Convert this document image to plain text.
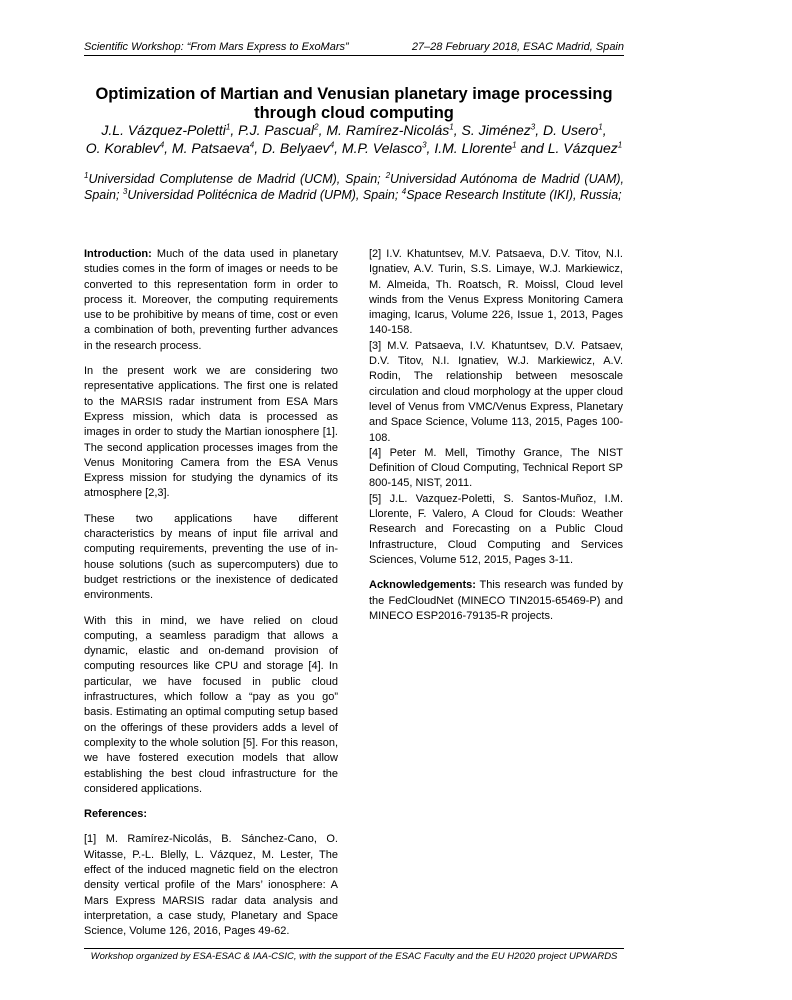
Scientific Workshop: “From Mars Express to ExoMars”	27–28 February 2018, ESAC Madrid, Spain
Optimization of Martian and Venusian planetary image processing
through cloud computing
J.L. Vázquez-Poletti$^1$, P.J. Pascual$^2$, M. Ramírez-Nicolás$^1$, S. Jiménez$^3$, D. Usero$^1$,
O. Korablev$^4$, M. Patsaeva$^4$, D. Belyaev$^4$, M.P. Velasco$^3$, I.M. Llorente$^1$ and L. Vázquez$^1$
$^1$Universidad Complutense de Madrid (UCM), Spain; $^2$Universidad Autónoma de Madrid (UAM), Spain; $^3$Universidad Politécnica de Madrid (UPM), Spain; $^4$Space Research Institute (IKI), Russia;

Introduction: Much of the data used in planetary studies comes in the form of images or needs to be converted to this representation form in order to process it. Moreover, the computing requirements use to be prohibitive by means of time, cost or even a combination of both, preventing further advances in the research process.

In the present work we are considering two representative applications. The first one is related to the MARSIS radar instrument from ESA Mars Express mission, which data is processed as images in order to study the Martian ionosphere [1]. The second application processes images from the Venus Monitoring Camera from the ESA Venus Express mission for studying the dynamics of its atmosphere [2,3].

These two applications have different characteristics by means of input file arrival and computing requirements, preventing the use of in-house solutions (such as supercomputers) due to budget restrictions or the inexistence of dedicated environments.

With this in mind, we have relied on cloud computing, a seamless paradigm that allows a dynamic, elastic and on-demand provision of computing resources like CPU and storage [4]. In particular, we have focused in public cloud infrastructures, which follow a “pay as you go” basis. Estimating an optimal computing setup based on the offerings of these providers adds a level of complexity to the whole solution [5]. For this reason, we have fostered execution models that allow establishing the best cloud infrastructure for the considered applications.

References:

[1] M. Ramírez-Nicolás, B. Sánchez-Cano, O. Witasse, P.-L. Blelly, L. Vázquez, M. Lester, The effect of the induced magnetic field on the electron density vertical profile of the Mars’ ionosphere: A Mars Express MARSIS radar data analysis and interpretation, a case study, Planetary and Space Science, Volume 126, 2016, Pages 49-62.

[2] I.V. Khatuntsev, M.V. Patsaeva, D.V. Titov, N.I. Ignatiev, A.V. Turin, S.S. Limaye, W.J. Markiewicz, M. Almeida, Th. Roatsch, R. Moissl, Cloud level winds from the Venus Express Monitoring Camera imaging, Icarus, Volume 226, Issue 1, 2013, Pages 140-158.

[3] M.V. Patsaeva, I.V. Khatuntsev, D.V. Patsaev, D.V. Titov, N.I. Ignatiev, W.J. Markiewicz, A.V. Rodin, The relationship between mesoscale circulation and cloud morphology at the upper cloud level of Venus from VMC/Venus Express, Planetary and Space Science, Volume 113, 2015, Pages 100-108.

[4] Peter M. Mell, Timothy Grance, The NIST Definition of Cloud Computing, Technical Report SP 800-145, NIST, 2011.

[5] J.L. Vazquez-Poletti, S. Santos-Muñoz, I.M. Llorente, F. Valero, A Cloud for Clouds: Weather Research and Forecasting on a Public Cloud Infrastructure, Cloud Computing and Services Sciences, Volume 512, 2015, Pages 3-11.

Acknowledgements: This research was funded by the FedCloudNet (MINECO TIN2015-65469-P) and MINECO ESP2016-79135-R projects.

Workshop organized by ESA-ESAC & IAA-CSIC, with the support of the ESAC Faculty and the EU H2020 project UPWARDS
